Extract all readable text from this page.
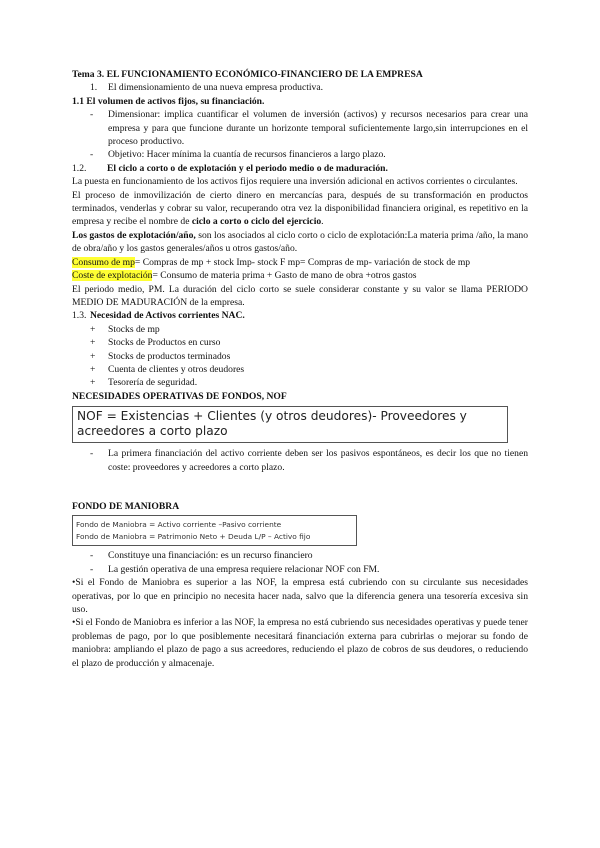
Tema 3. EL FUNCIONAMIENTO ECONÓMICO-FINANCIERO DE LA EMPRESA

1.	El dimensionamiento de una nueva empresa productiva.

1.1 El volumen de activos fijos, su financiación.

-	Dimensionar: implica cuantificar el volumen de inversión (activos) y recursos necesarios para crear una empresa y para que funcione durante un horizonte temporal suficientemente largo,sin interrupciones en el proceso productivo.
-	Objetivo: Hacer mínima la cuantía de recursos financieros a largo plazo.
1.2.	El ciclo a corto o de explotación y el periodo medio o de maduración.

La puesta en funcionamiento de los activos fijos requiere una inversión adicional en activos corrientes o circulantes.

El proceso de inmovilización de cierto dinero en mercancías para, después de su transformación en productos terminados, venderlas y cobrar su valor, recuperando otra vez la disponibilidad financiera original, es repetitivo en la empresa y recibe el nombre de ciclo a corto o ciclo del ejercicio.

Los gastos de explotación/año, son los asociados al ciclo corto o ciclo de explotación:La materia prima /año, la mano de obra/año y los gastos generales/años u otros gastos/año.

Consumo de mp= Compras de mp + stock Imp- stock F mp= Compras de mp- variación de stock de mp

Coste de explotación= Consumo de materia prima + Gasto de mano de obra +otros gastos

El periodo medio, PM. La duración del ciclo corto se suele considerar constante y su valor se llama PERIODO MEDIO DE MADURACIÓN de la empresa.

1.3. Necesidad de Activos corrientes NAC.
+	Stocks de mp
+	Stocks de Productos en curso
+	Stocks de productos terminados
+	Cuenta de clientes y otros deudores
+	Tesorería de seguridad.

NECESIDADES OPERATIVAS DE FONDOS, NOF

NOF = Existencias + Clientes (y otros deudores)- Proveedores y acreedores a corto plazo
-	La primera financiación del activo corriente deben ser los pasivos espontáneos, es decir los que no tienen coste: proveedores y acreedores a corto plazo.

FONDO DE MANIOBRA

Fondo de Maniobra = Activo corriente –Pasivo corriente
Fondo de Maniobra = Patrimonio Neto + Deuda L/P – Activo fijo
-	Constituye una financiación: es un recurso financiero
-	La gestión operativa de una empresa requiere relacionar NOF con FM.

•Si el Fondo de Maniobra es superior a las NOF, la empresa está cubriendo con su circulante sus necesidades operativas, por lo que en principio no necesita hacer nada, salvo que la diferencia genera una tesorería excesiva sin uso.

•Si el Fondo de Maniobra es inferior a las NOF, la empresa no está cubriendo sus necesidades operativas y puede tener problemas de pago, por lo que posiblemente necesitará financiación externa para cubrirlas o mejorar su fondo de maniobra: ampliando el plazo de pago a sus acreedores, reduciendo el plazo de cobros de sus deudores, o reduciendo el plazo de producción y almacenaje.
